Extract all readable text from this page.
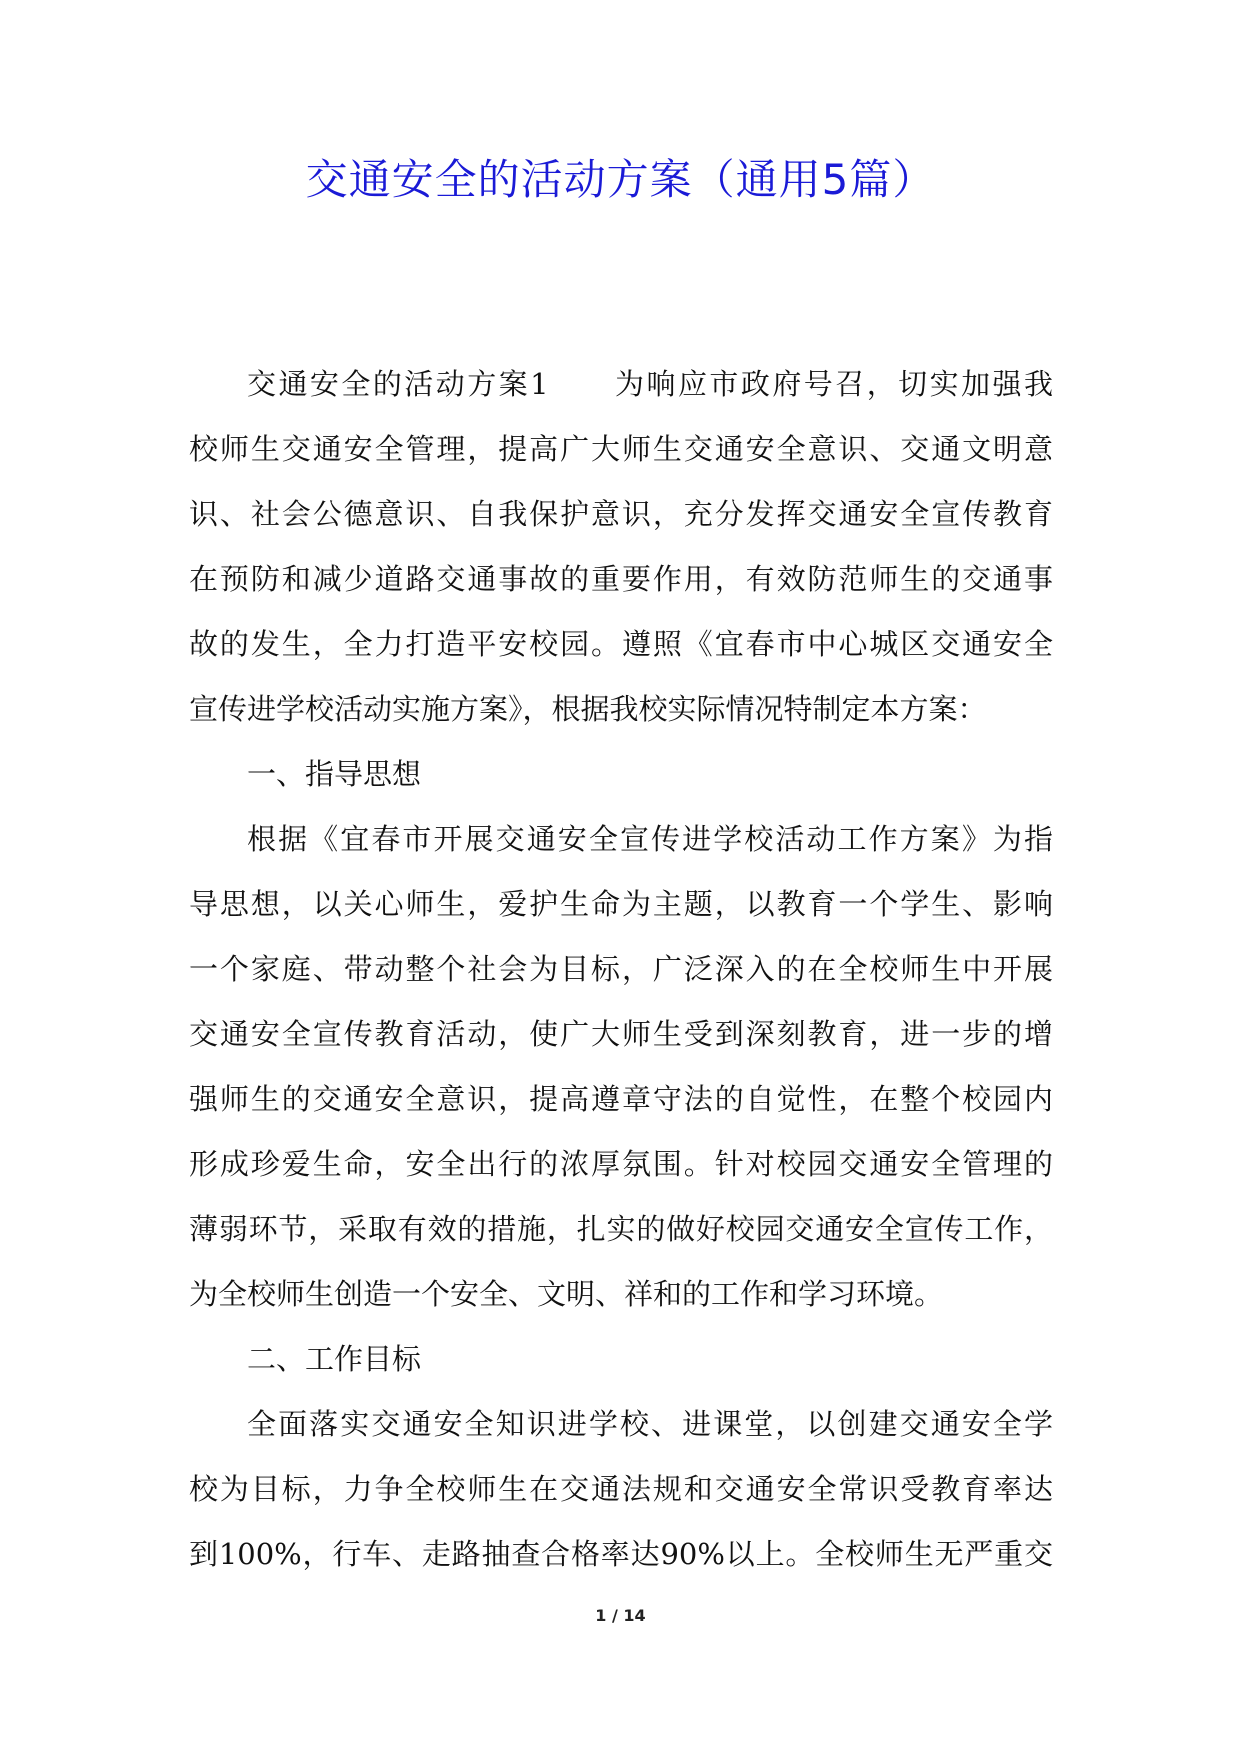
交通安全的活动方案（通用5篇）
交通安全的活动方案1 为响应市政府号召，切实加强我
校师生交通安全管理，提高广大师生交通安全意识、交通文明意
识、社会公德意识、自我保护意识，充分发挥交通安全宣传教育
在预防和减少道路交通事故的重要作用，有效防范师生的交通事
故的发生，全力打造平安校园。遵照《宜春市中心城区交通安全
宣传进学校活动实施方案》，根据我校实际情况特制定本方案：
一、指导思想
根据《宜春市开展交通安全宣传进学校活动工作方案》为指
导思想，以关心师生，爱护生命为主题，以教育一个学生、影响
一个家庭、带动整个社会为目标，广泛深入的在全校师生中开展
交通安全宣传教育活动，使广大师生受到深刻教育，进一步的增
强师生的交通安全意识，提高遵章守法的自觉性，在整个校园内
形成珍爱生命，安全出行的浓厚氛围。针对校园交通安全管理的
薄弱环节，采取有效的措施，扎实的做好校园交通安全宣传工作，
为全校师生创造一个安全、文明、祥和的工作和学习环境。
二、工作目标
全面落实交通安全知识进学校、进课堂，以创建交通安全学
校为目标，力争全校师生在交通法规和交通安全常识受教育率达
到100%，行车、走路抽查合格率达90%以上。全校师生无严重交
1 / 14
